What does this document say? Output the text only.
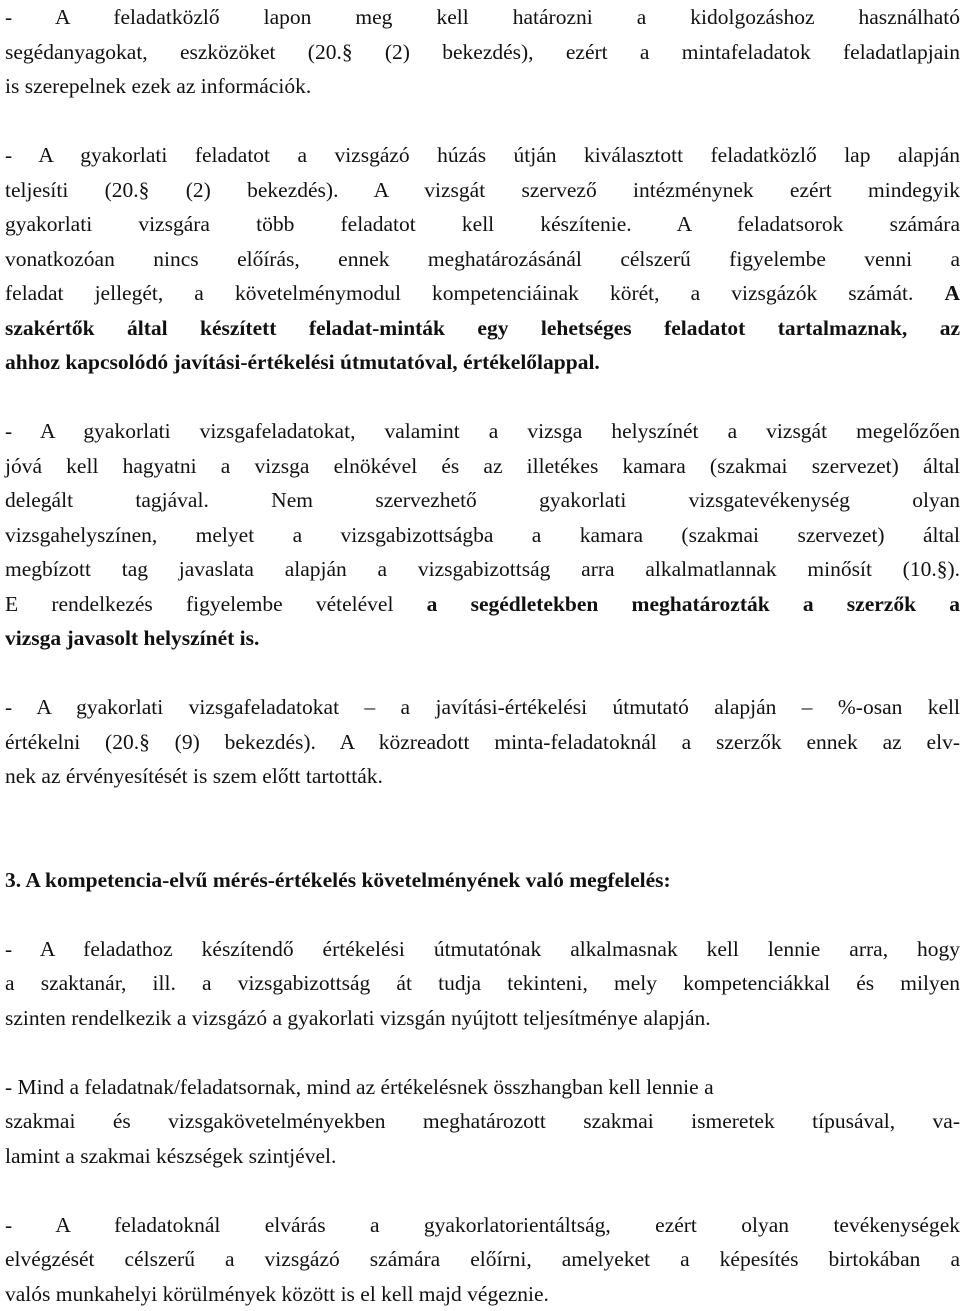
- A feladatközlő lapon meg kell határozni a kidolgozáshoz használható
segédanyagokat, eszközöket (20.§ (2) bekezdés), ezért a mintafeladatok feladatlapjain
is szerepelnek ezek az információk.
- A gyakorlati feladatot a vizsgázó húzás útján kiválasztott feladatközlő lap alapján
teljesíti (20.§ (2) bekezdés). A vizsgát szervező intézménynek ezért mindegyik
gyakorlati vizsgára több feladatot kell készítenie. A feladatsorok számára
vonatkozóan nincs előírás, ennek meghatározásánál célszerű figyelembe venni a
feladat jellegét, a követelménymodul kompetenciáinak körét, a vizsgázók számát. A
szakértők által készített feladat-minták egy lehetséges feladatot tartalmaznak, az
ahhoz kapcsolódó javítási-értékelési útmutatóval, értékelőlappal.
- A gyakorlati vizsgafeladatokat, valamint a vizsga helyszínét a vizsgát megelőzően
jóvá kell hagyatni a vizsga elnökével és az illetékes kamara (szakmai szervezet) által
delegált tagjával. Nem szervezhető gyakorlati vizsgatevékenység olyan
vizsgahelyszínen, melyet a vizsgabizottságba a kamara (szakmai szervezet) által
megbízott tag javaslata alapján a vizsgabizottság arra alkalmatlannak minősít (10.§).
E rendelkezés figyelembe vételével a segédletekben meghatározták a szerzők a
vizsga javasolt helyszínét is.
- A gyakorlati vizsgafeladatokat – a javítási-értékelési útmutató alapján – %-osan kell
értékelni (20.§ (9) bekezdés). A közreadott minta-feladatoknál a szerzők ennek az elv-
nek az érvényesítését is szem előtt tartották.
3. A kompetencia-elvű mérés-értékelés követelményének való megfelelés:
- A feladathoz készítendő értékelési útmutatónak alkalmasnak kell lennie arra, hogy
a szaktanár, ill. a vizsgabizottság át tudja tekinteni, mely kompetenciákkal és milyen
szinten rendelkezik a vizsgázó a gyakorlati vizsgán nyújtott teljesítménye alapján.
- Mind a feladatnak/feladatsornak, mind az értékelésnek összhangban kell lennie a
szakmai és vizsgakövetelményekben meghatározott szakmai ismeretek típusával, va-
lamint a szakmai készségek szintjével.
- A feladatoknál elvárás a gyakorlatorientáltság, ezért olyan tevékenységek
elvégzését célszerű a vizsgázó számára előírni, amelyeket a képesítés birtokában a
valós munkahelyi körülmények között is el kell majd végeznie.
